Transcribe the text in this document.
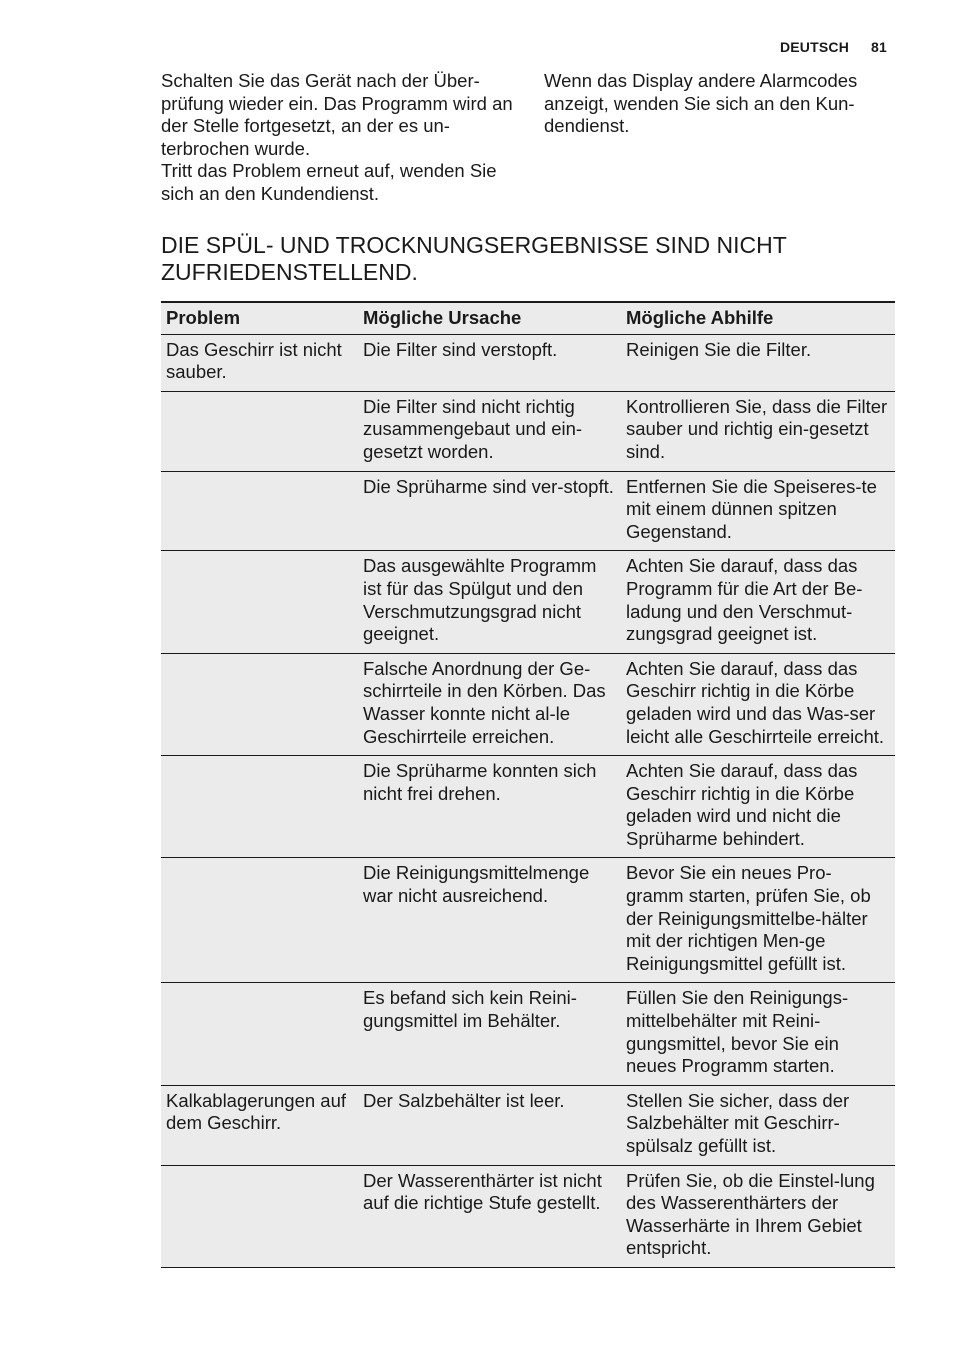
DEUTSCH 81

Schalten Sie das Gerät nach der Über-prüfung wieder ein. Das Programm wird an der Stelle fortgesetzt, an der es un-terbrochen wurde.

Tritt das Problem erneut auf, wenden Sie sich an den Kundendienst.

Wenn das Display andere Alarmcodes anzeigt, wenden Sie sich an den Kun-dendienst.

DIE SPÜL- UND TROCKNUNGSERGEBNISSE SIND NICHT ZUFRIEDENSTELLEND.
Problem	Mögliche Ursache	Mögliche Abhilfe
Das Geschirr ist nicht sauber.	Die Filter sind verstopft.	Reinigen Sie die Filter.
	Die Filter sind nicht richtig zusammengebaut und ein-gesetzt worden.	Kontrollieren Sie, dass die Filter sauber und richtig ein-gesetzt sind.
	Die Sprüharme sind ver-stopft.	Entfernen Sie die Speiseres-te mit einem dünnen spitzen Gegenstand.
	Das ausgewählte Programm ist für das Spülgut und den Verschmutzungsgrad nicht geeignet.	Achten Sie darauf, dass das Programm für die Art der Be-ladung und den Verschmut-zungsgrad geeignet ist.
	Falsche Anordnung der Ge-schirrteile in den Körben. Das Wasser konnte nicht al-le Geschirrteile erreichen.	Achten Sie darauf, dass das Geschirr richtig in die Körbe geladen wird und das Was-ser leicht alle Geschirrteile erreicht.
	Die Sprüharme konnten sich nicht frei drehen.	Achten Sie darauf, dass das Geschirr richtig in die Körbe geladen wird und nicht die Sprüharme behindert.
	Die Reinigungsmittelmenge war nicht ausreichend.	Bevor Sie ein neues Pro-gramm starten, prüfen Sie, ob der Reinigungsmittelbe-hälter mit der richtigen Men-ge Reinigungsmittel gefüllt ist.
	Es befand sich kein Reini-gungsmittel im Behälter.	Füllen Sie den Reinigungs-mittelbehälter mit Reini-gungsmittel, bevor Sie ein neues Programm starten.
Kalkablagerungen auf dem Geschirr.	Der Salzbehälter ist leer.	Stellen Sie sicher, dass der Salzbehälter mit Geschirr-spülsalz gefüllt ist.
	Der Wasserenthärter ist nicht auf die richtige Stufe gestellt.	Prüfen Sie, ob die Einstel-lung des Wasserenthärters der Wasserhärte in Ihrem Gebiet entspricht.
